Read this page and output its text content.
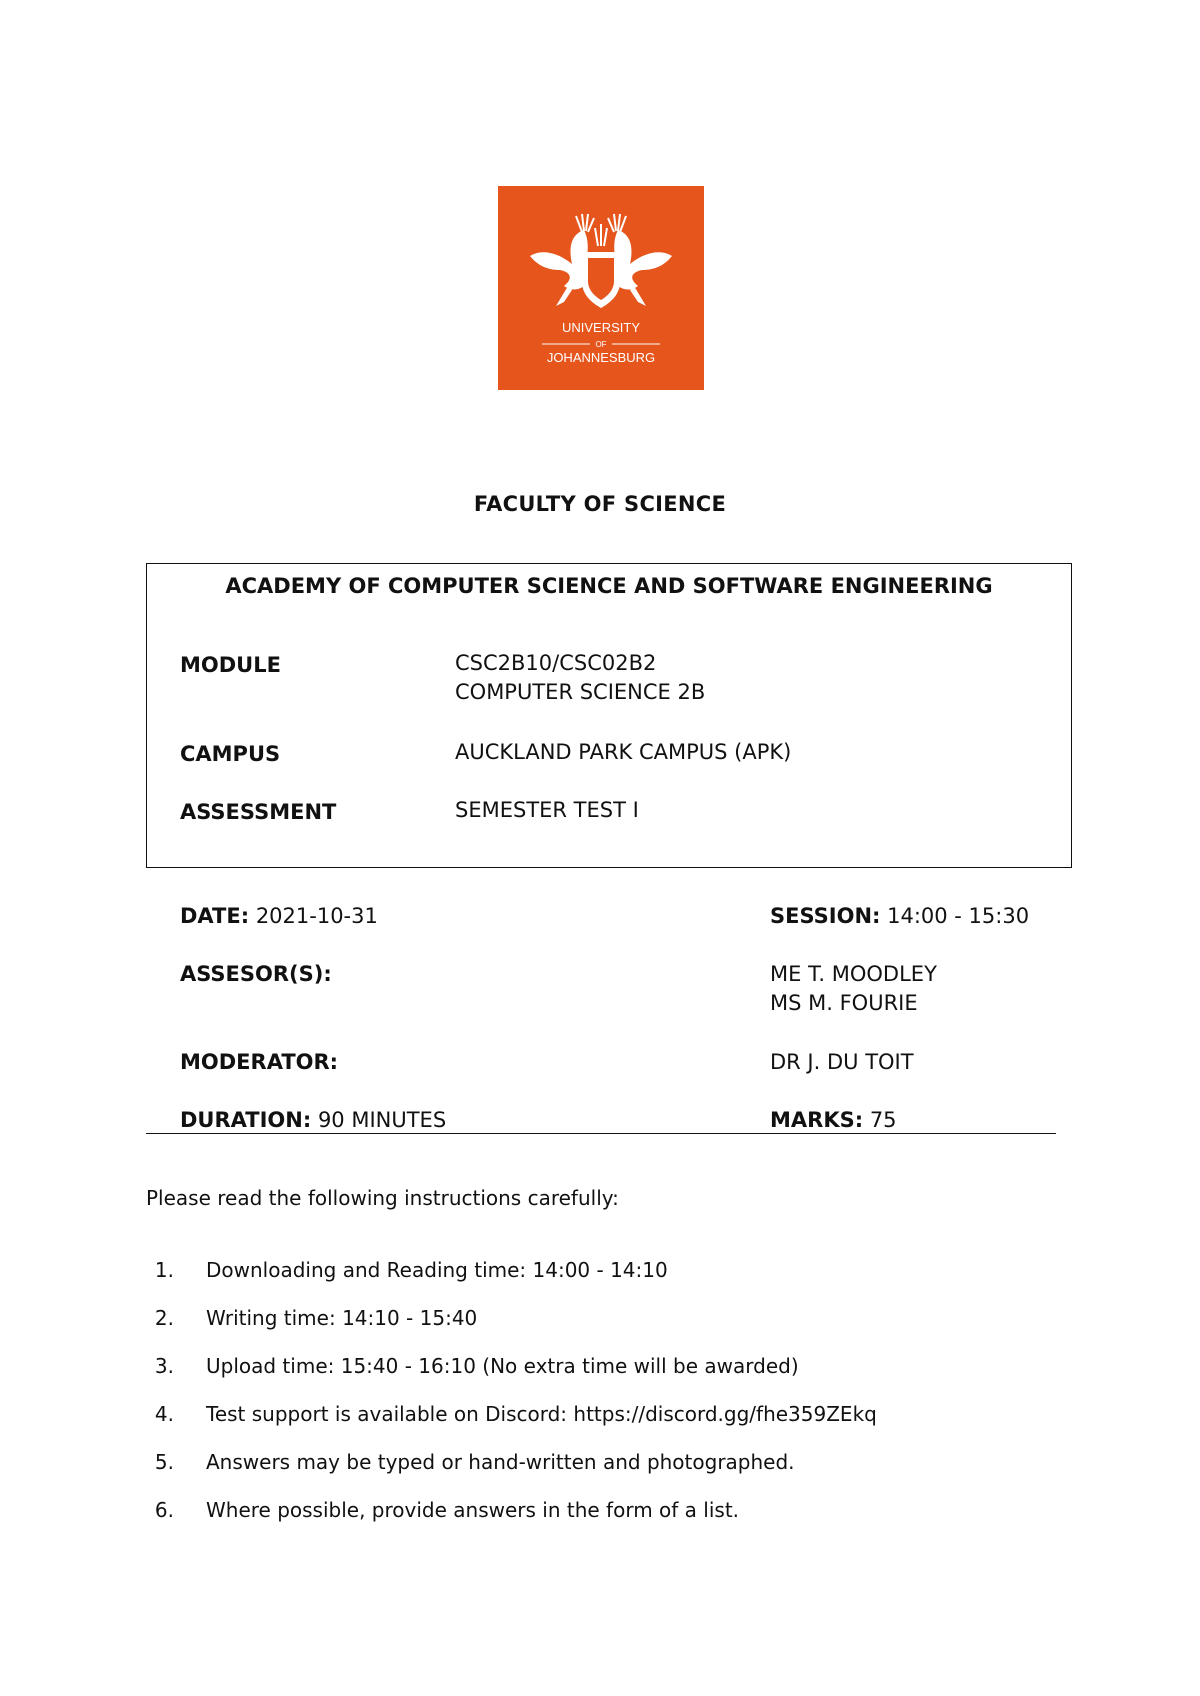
UNIVERSITY
OF
JOHANNESBURG
FACULTY OF SCIENCE
ACADEMY OF COMPUTER SCIENCE AND SOFTWARE ENGINEERING
MODULE	CSC2B10/CSC02B2
COMPUTER SCIENCE 2B
CAMPUS	AUCKLAND PARK CAMPUS (APK)
ASSESSMENT	SEMESTER TEST I
DATE: 2021-10-31	SESSION: 14:00 - 15:30
ASSESOR(S):	ME T. MOODLEY
MS M. FOURIE
MODERATOR:	DR J. DU TOIT
DURATION: 90 MINUTES	MARKS: 75
Please read the following instructions carefully:
1. Downloading and Reading time: 14:00 - 14:10
2. Writing time: 14:10 - 15:40
3. Upload time: 15:40 - 16:10 (No extra time will be awarded)
4. Test support is available on Discord: https://discord.gg/fhe359ZEkq
5. Answers may be typed or hand-written and photographed.
6. Where possible, provide answers in the form of a list.
